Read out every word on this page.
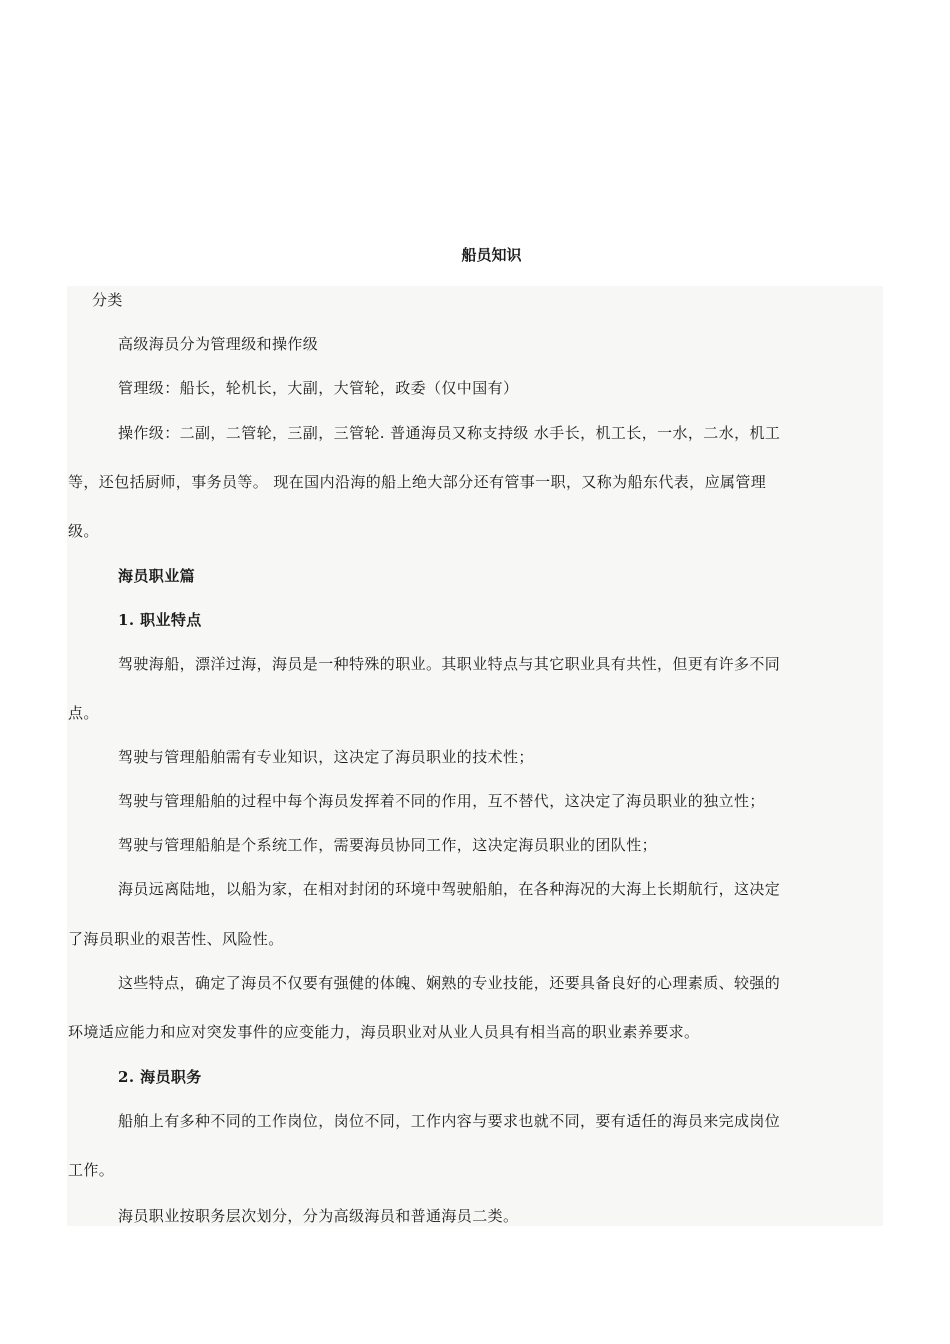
船员知识
分类
高级海员分为管理级和操作级
管理级：船长，轮机长，大副，大管轮，政委（仅中国有）
操作级：二副，二管轮，三副，三管轮. 普通海员又称支持级 水手长，机工长，一水，二水，机工
等，还包括厨师，事务员等。 现在国内沿海的船上绝大部分还有管事一职，又称为船东代表，应属管理
级。
海员职业篇
1. 职业特点
驾驶海船，漂洋过海，海员是一种特殊的职业。其职业特点与其它职业具有共性，但更有许多不同
点。
驾驶与管理船舶需有专业知识，这决定了海员职业的技术性；
驾驶与管理船舶的过程中每个海员发挥着不同的作用，互不替代，这决定了海员职业的独立性；
驾驶与管理船舶是个系统工作，需要海员协同工作，这决定海员职业的团队性；
海员远离陆地，以船为家，在相对封闭的环境中驾驶船舶，在各种海况的大海上长期航行，这决定
了海员职业的艰苦性、风险性。
这些特点，确定了海员不仅要有强健的体魄、娴熟的专业技能，还要具备良好的心理素质、较强的
环境适应能力和应对突发事件的应变能力，海员职业对从业人员具有相当高的职业素养要求。
2. 海员职务
船舶上有多种不同的工作岗位，岗位不同，工作内容与要求也就不同，要有适任的海员来完成岗位
工作。
海员职业按职务层次划分，分为高级海员和普通海员二类。
